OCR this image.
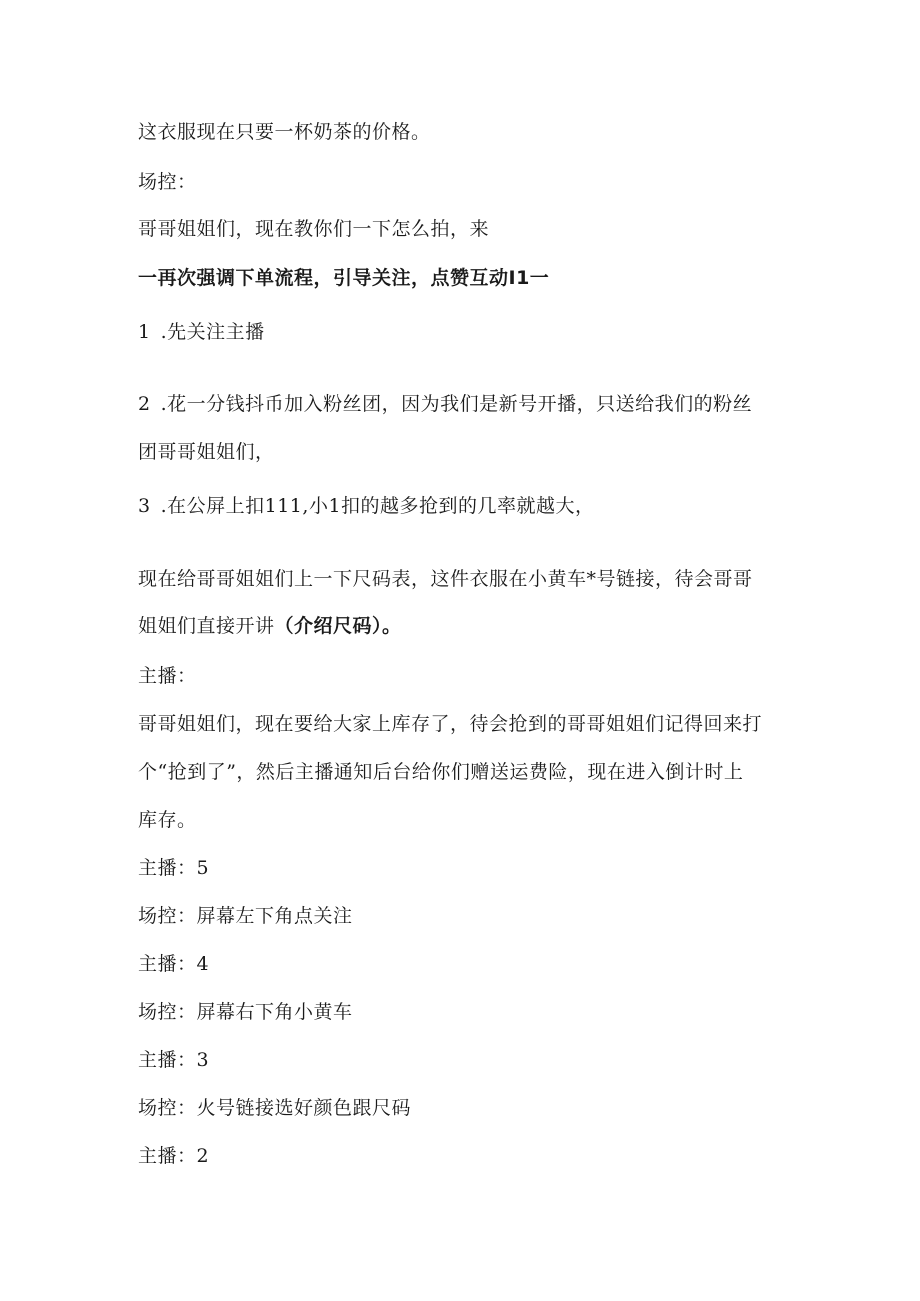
这衣服现在只要一杯奶茶的价格。
场控：
哥哥姐姐们，现在教你们一下怎么拍，来
一再次强调下单流程，引导关注，点赞互动I1一
1 .先关注主播
2 .花一分钱抖币加入粉丝团，因为我们是新号开播，只送给我们的粉丝
团哥哥姐姐们，
3 .在公屏上扣111,小1扣的越多抢到的几率就越大，
现在给哥哥姐姐们上一下尺码表，这件衣服在小黄车*号链接，待会哥哥
姐姐们直接开讲（介绍尺码）。
主播：
哥哥姐姐们，现在要给大家上库存了，待会抢到的哥哥姐姐们记得回来打
个“抢到了”，然后主播通知后台给你们赠送运费险，现在进入倒计时上
库存。
主播：5
场控：屏幕左下角点关注
主播：4
场控：屏幕右下角小黄车
主播：3
场控：火号链接选好颜色跟尺码
主播：2
